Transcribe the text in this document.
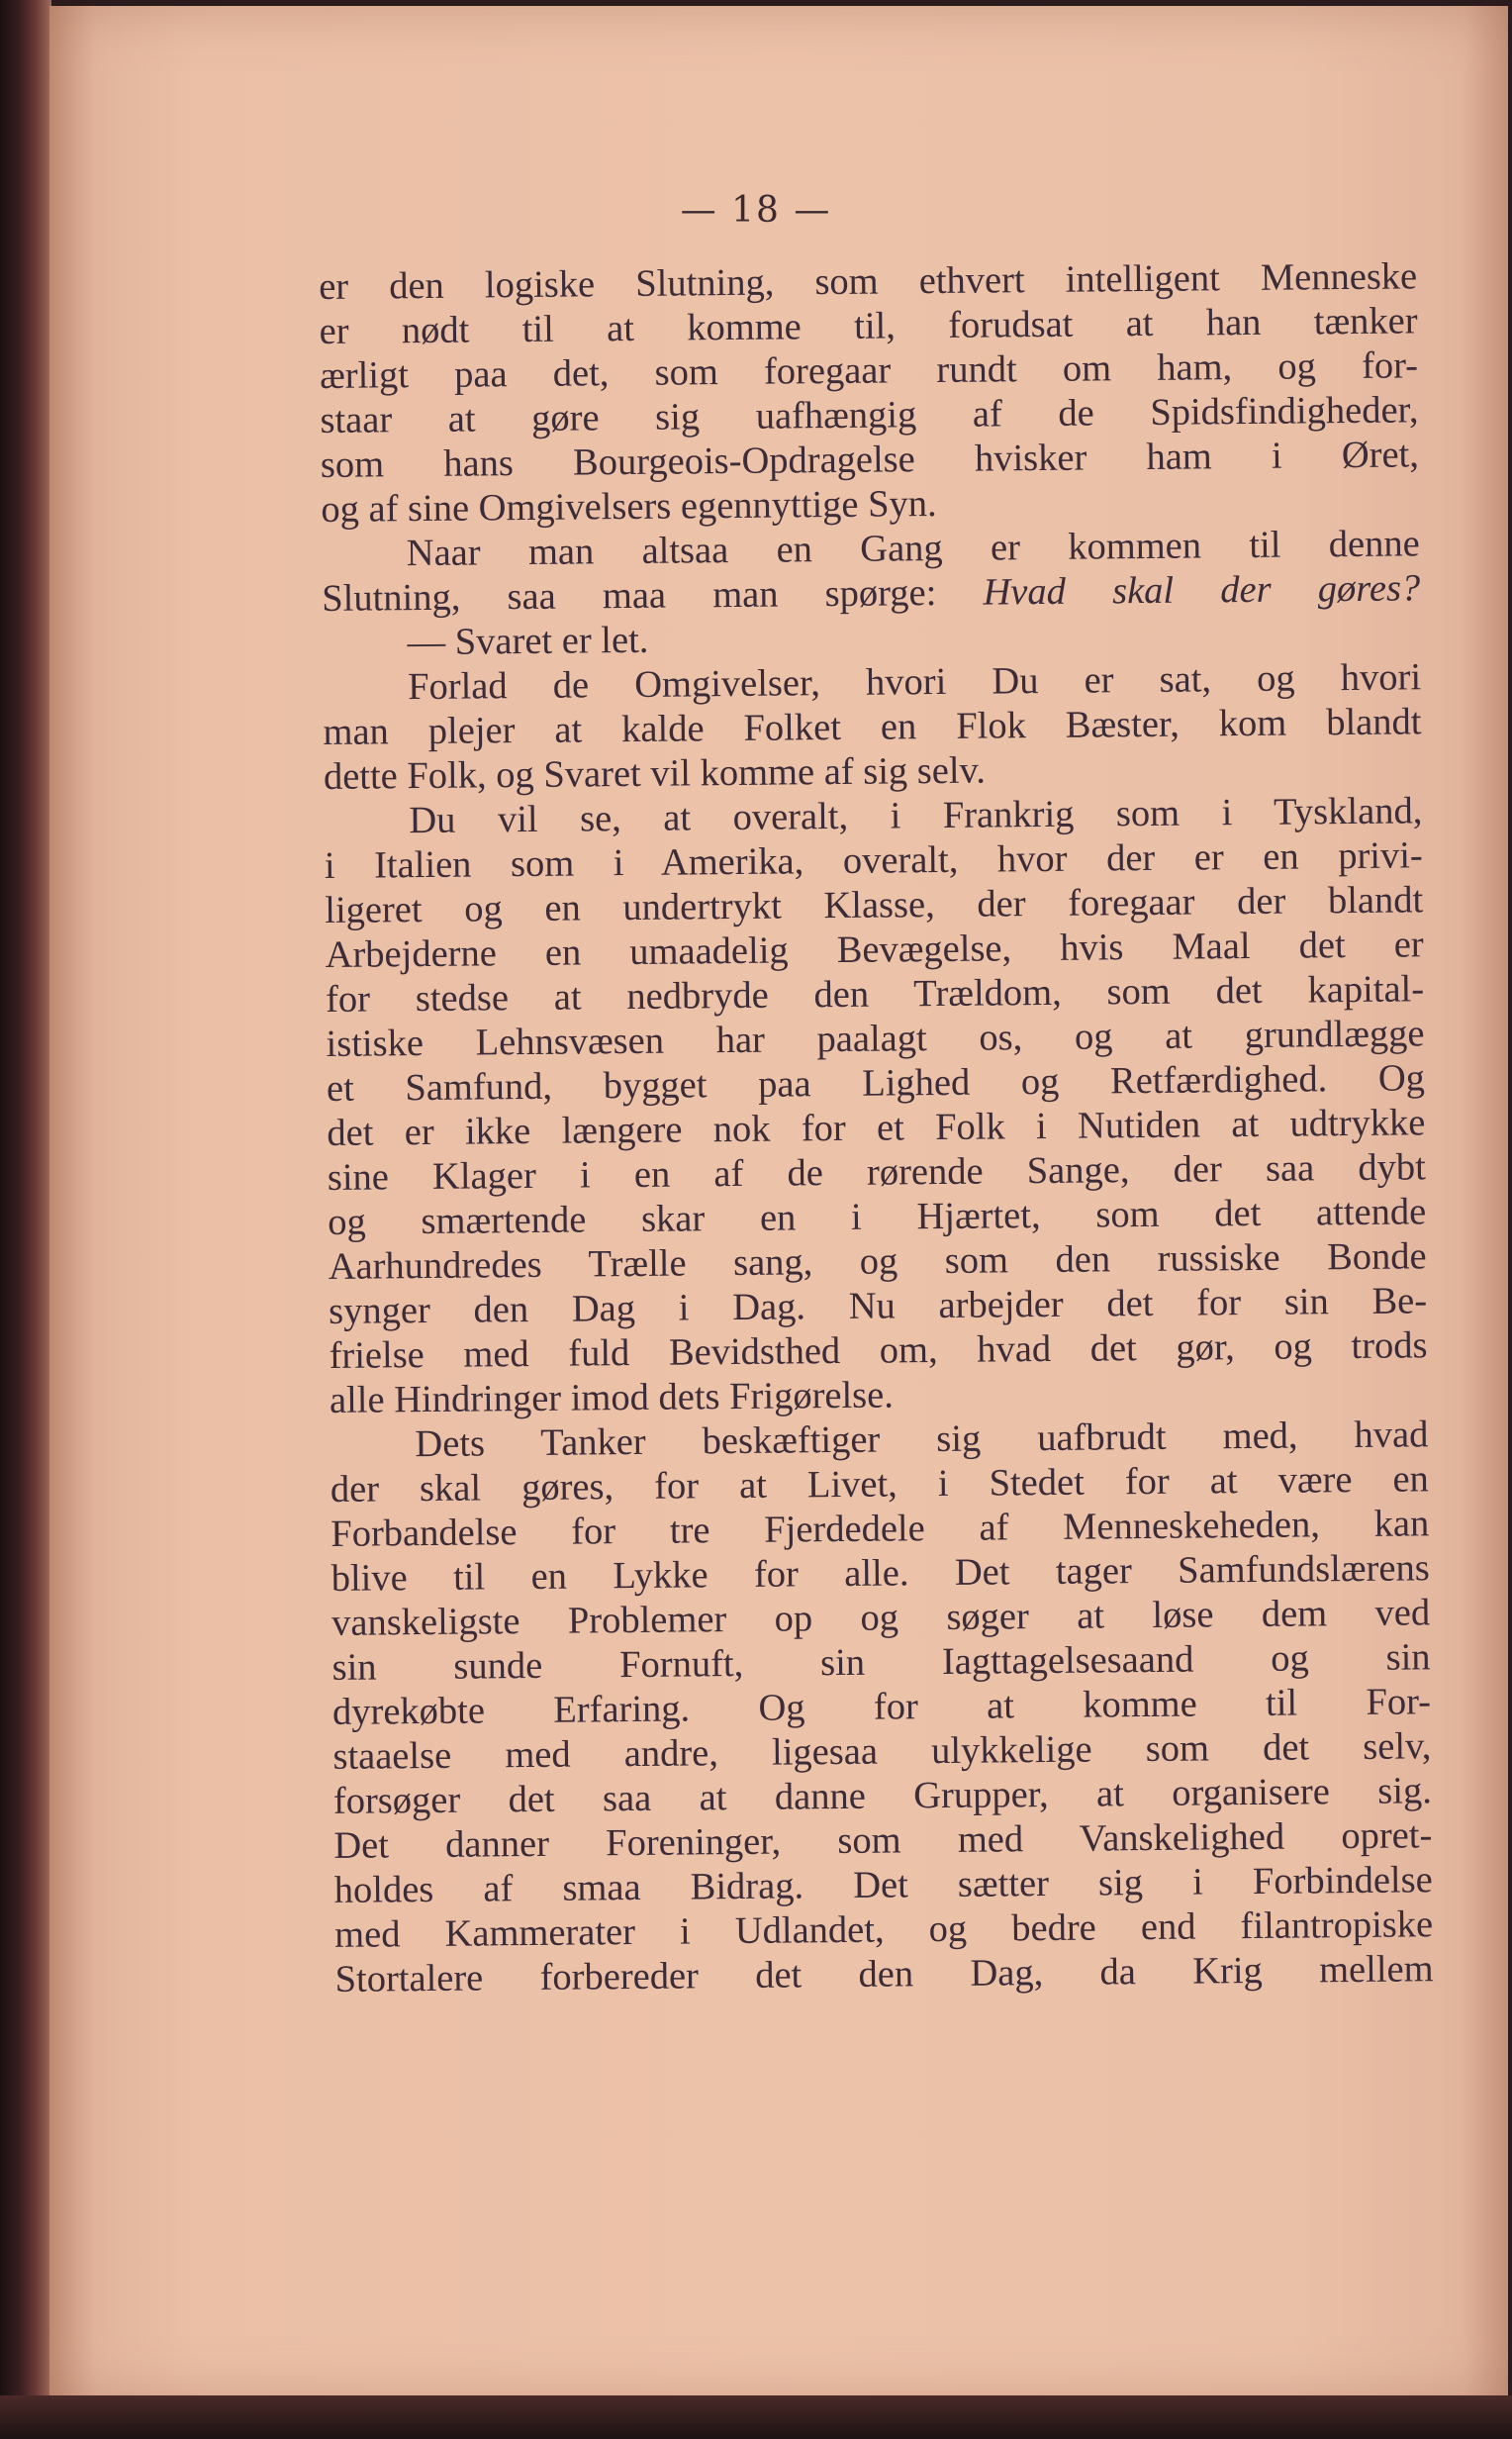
— 18 —
er den logiske Slutning, som ethvert intelligent Menneske
er nødt til at komme til, forudsat at han tænker
ærligt paa det, som foregaar rundt om ham, og for-
staar at gøre sig uafhængig af de Spidsfindigheder,
som hans Bourgeois-Opdragelse hvisker ham i Øret,
og af sine Omgivelsers egennyttige Syn.
Naar man altsaa en Gang er kommen til denne
Slutning, saa maa man spørge: Hvad skal der gøres?
— Svaret er let.
Forlad de Omgivelser, hvori Du er sat, og hvori
man plejer at kalde Folket en Flok Bæster, kom blandt
dette Folk, og Svaret vil komme af sig selv.
Du vil se, at overalt, i Frankrig som i Tyskland,
i Italien som i Amerika, overalt, hvor der er en privi-
ligeret og en undertrykt Klasse, der foregaar der blandt
Arbejderne en umaadelig Bevægelse, hvis Maal det er
for stedse at nedbryde den Trældom, som det kapital-
istiske Lehnsvæsen har paalagt os, og at grundlægge
et Samfund, bygget paa Lighed og Retfærdighed. Og
det er ikke længere nok for et Folk i Nutiden at udtrykke
sine Klager i en af de rørende Sange, der saa dybt
og smærtende skar en i Hjærtet, som det attende
Aarhundredes Trælle sang, og som den russiske Bonde
synger den Dag i Dag. Nu arbejder det for sin Be-
frielse med fuld Bevidsthed om, hvad det gør, og trods
alle Hindringer imod dets Frigørelse.
Dets Tanker beskæftiger sig uafbrudt med, hvad
der skal gøres, for at Livet, i Stedet for at være en
Forbandelse for tre Fjerdedele af Menneskeheden, kan
blive til en Lykke for alle. Det tager Samfundslærens
vanskeligste Problemer op og søger at løse dem ved
sin sunde Fornuft, sin Iagttagelsesaand og sin
dyrekøbte Erfaring. Og for at komme til For-
staaelse med andre, ligesaa ulykkelige som det selv,
forsøger det saa at danne Grupper, at organisere sig.
Det danner Foreninger, som med Vanskelighed opret-
holdes af smaa Bidrag. Det sætter sig i Forbindelse
med Kammerater i Udlandet, og bedre end filantropiske
Stortalere forbereder det den Dag, da Krig mellem
